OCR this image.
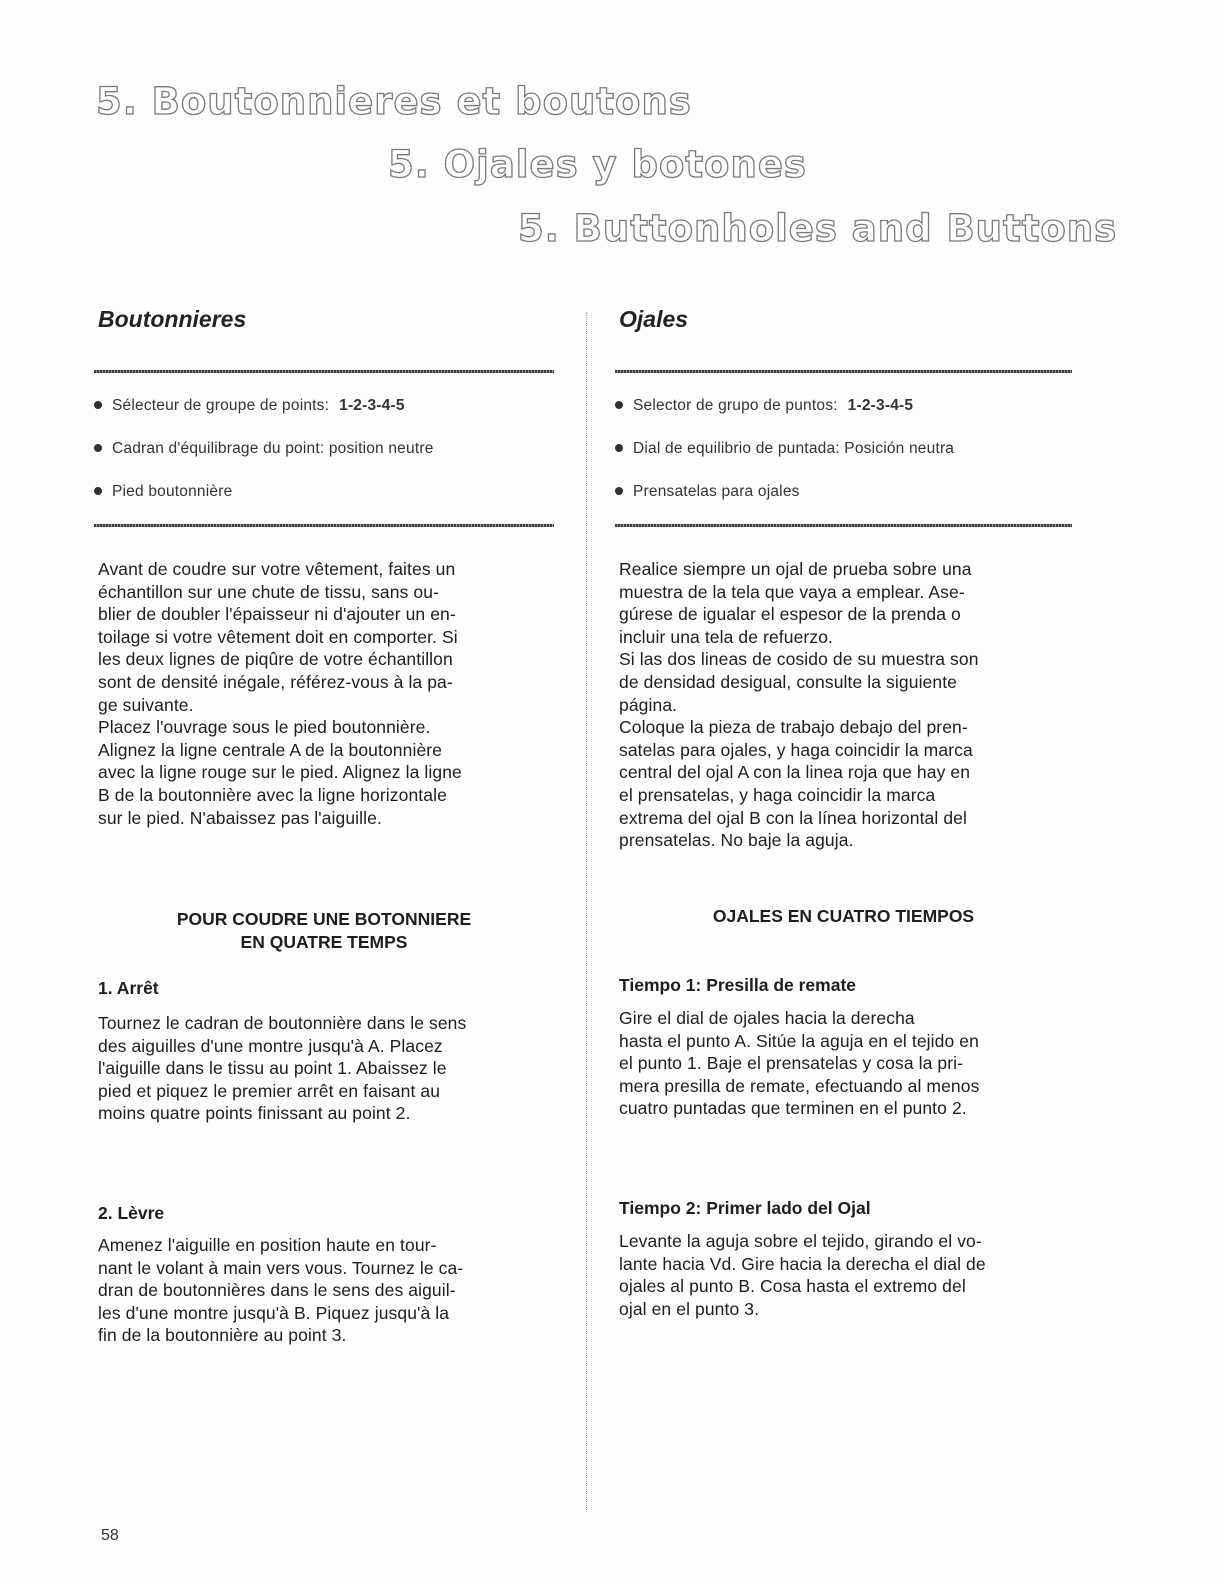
5. Boutonnieres et boutons
5. Ojales y botones
5. Buttonholes and Buttons
Boutonnieres
Sélecteur de groupe de points: 1-2-3-4-5
Cadran d'équilibrage du point: position neutre
Pied boutonnière

Avant de coudre sur votre vêtement, faites un
échantillon sur une chute de tissu, sans ou-
blier de doubler l'épaisseur ni d'ajouter un en-
toilage si votre vêtement doit en comporter. Si
les deux lignes de piqûre de votre échantillon
sont de densité inégale, référez-vous à la pa-
ge suivante.
Placez l'ouvrage sous le pied boutonnière.
Alignez la ligne centrale A de la boutonnière
avec la ligne rouge sur le pied. Alignez la ligne
B de la boutonnière avec la ligne horizontale
sur le pied. N'abaissez pas l'aiguille.

POUR COUDRE UNE BOTONNIERE
EN QUATRE TEMPS
1. Arrêt

Tournez le cadran de boutonnière dans le sens
des aiguilles d'une montre jusqu'à A. Placez
l'aiguille dans le tissu au point 1. Abaissez le
pied et piquez le premier arrêt en faisant au
moins quatre points finissant au point 2.

2. Lèvre

Amenez l'aiguille en position haute en tour-
nant le volant à main vers vous. Tournez le ca-
dran de boutonnières dans le sens des aiguil-
les d'une montre jusqu'à B. Piquez jusqu'à la
fin de la boutonnière au point 3.

Ojales
Selector de grupo de puntos: 1-2-3-4-5
Dial de equilibrio de puntada: Posición neutra
Prensatelas para ojales

Realice siempre un ojal de prueba sobre una
muestra de la tela que vaya a emplear. Ase-
gúrese de igualar el espesor de la prenda o
incluir una tela de refuerzo.
Si las dos lineas de cosido de su muestra son
de densidad desigual, consulte la siguiente
página.
Coloque la pieza de trabajo debajo del pren-
satelas para ojales, y haga coincidir la marca
central del ojal A con la linea roja que hay en
el prensatelas, y haga coincidir la marca
extrema del ojal B con la línea horizontal del
prensatelas. No baje la aguja.

OJALES EN CUATRO TIEMPOS
Tiempo 1: Presilla de remate

Gire el dial de ojales hacia la derecha
hasta el punto A. Sitúe la aguja en el tejido en
el punto 1. Baje el prensatelas y cosa la pri-
mera presilla de remate, efectuando al menos
cuatro puntadas que terminen en el punto 2.

Tiempo 2: Primer lado del Ojal

Levante la aguja sobre el tejido, girando el vo-
lante hacia Vd. Gire hacia la derecha el dial de
ojales al punto B. Cosa hasta el extremo del
ojal en el punto 3.

58
